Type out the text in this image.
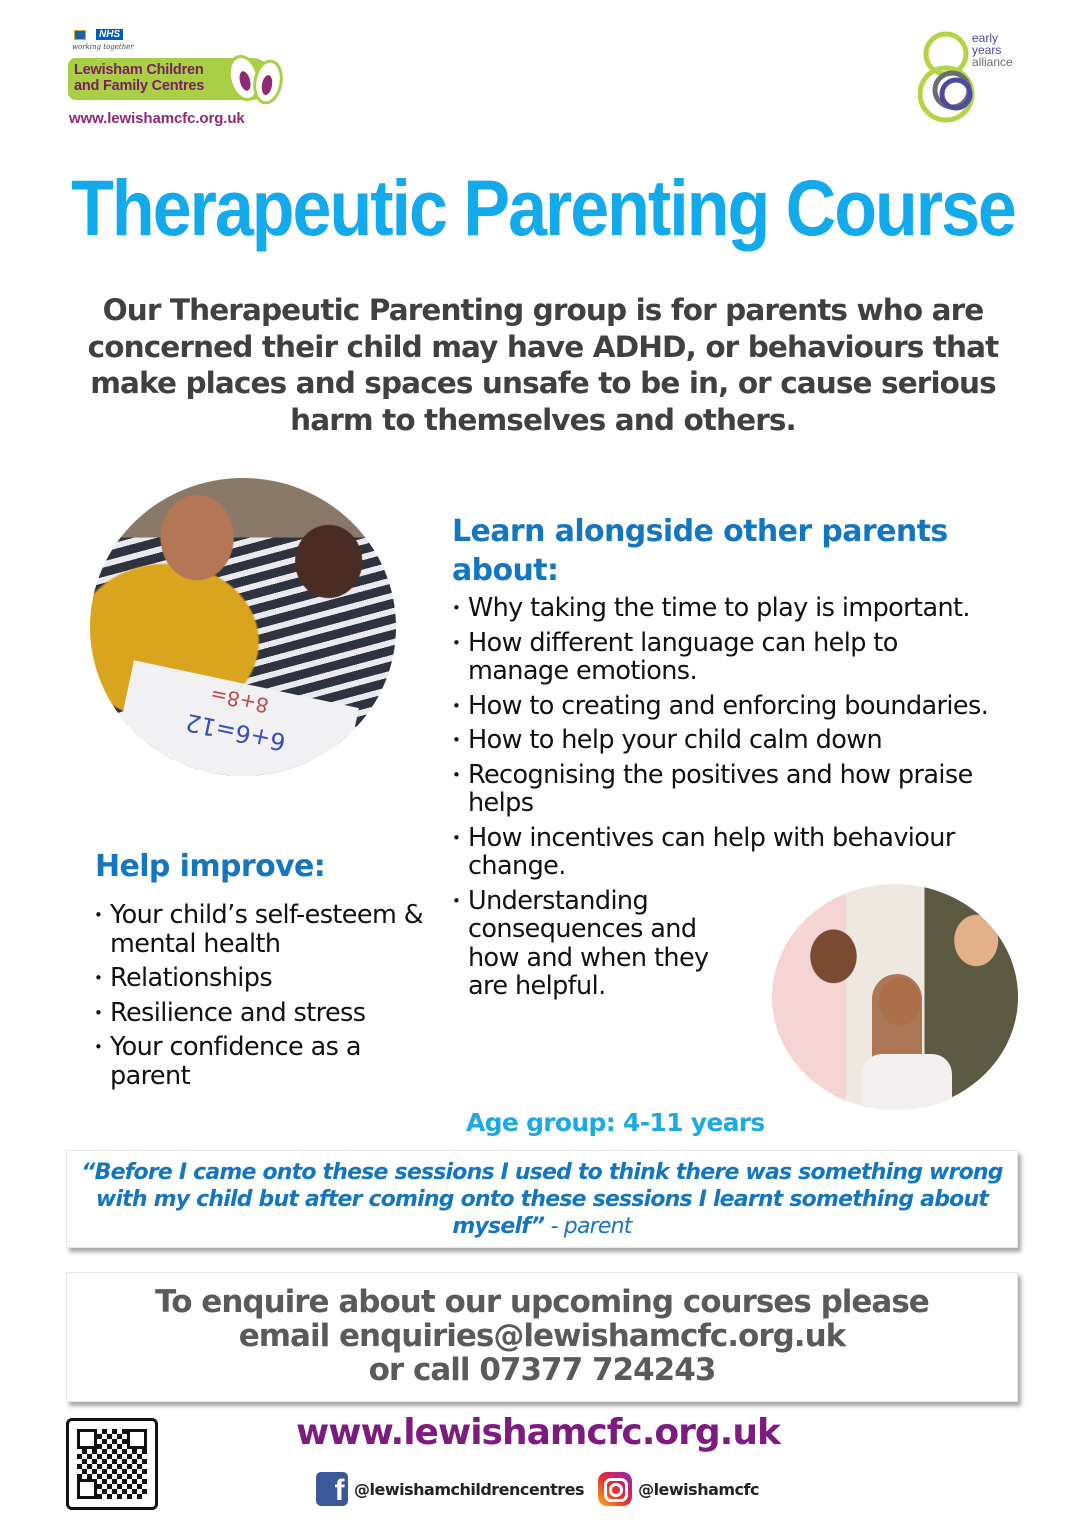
NHS
working together
Lewisham Children
and Family Centres
www.lewishamcfc.org.uk
early
years
alliance
Therapeutic Parenting Course

Our Therapeutic Parenting group is for parents who are concerned their child may have ADHD, or behaviours that make places and spaces unsafe to be in, or cause serious harm to themselves and others.

8+8=
6+6=12
Learn alongside other parents about:
• Why taking the time to play is important.
• How different language can help to manage emotions.
• How to creating and enforcing boundaries.
• How to help your child calm down
• Recognising the positives and how praise helps
• How incentives can help with behaviour change.
• Understanding consequences and how and when they are helpful.
Help improve:
• Your child’s self-esteem & mental health
• Relationships
• Resilience and stress
• Your confidence as a parent
Age group: 4-11 years

“Before I came onto these sessions I used to think there was something wrong with my child but after coming onto these sessions I learnt something about myself” - parent

To enquire about our upcoming courses please
email enquiries@lewishamcfc.org.uk
or call 07377 724243
www.lewishamcfc.org.uk
f @lewishamchildrencentres	@lewishamcfc
